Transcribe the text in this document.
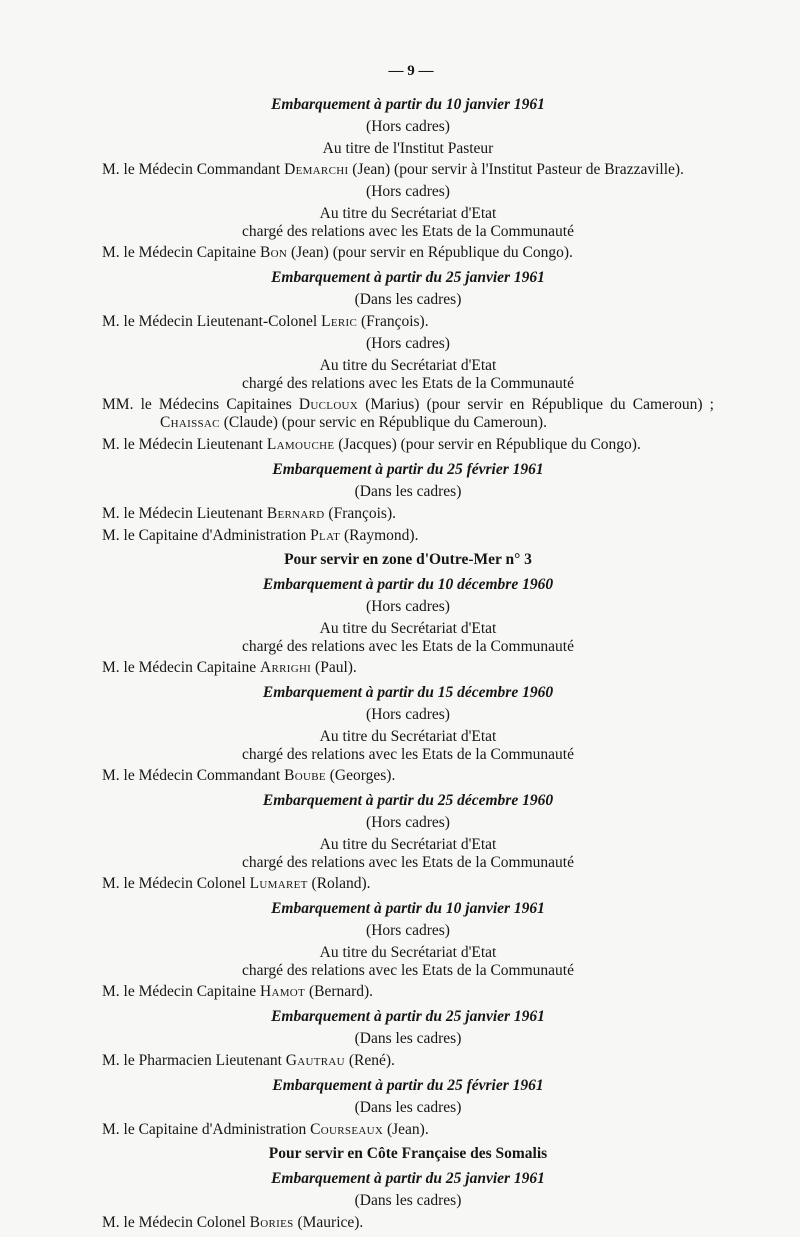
— 9 —
Embarquement à partir du 10 janvier 1961
(Hors cadres)
Au titre de l'Institut Pasteur
M. le Médecin Commandant Demarchi (Jean) (pour servir à l'Institut Pasteur de Brazzaville).
(Hors cadres)
Au titre du Secrétariat d'Etat
chargé des relations avec les Etats de la Communauté
M. le Médecin Capitaine Bon (Jean) (pour servir en République du Congo).
Embarquement à partir du 25 janvier 1961
(Dans les cadres)
M. le Médecin Lieutenant-Colonel Leric (François).
(Hors cadres)
Au titre du Secrétariat d'Etat
chargé des relations avec les Etats de la Communauté
MM. le Médecins Capitaines Ducloux (Marius) (pour servir en République du Cameroun) ; Chaissac (Claude) (pour servic en République du Cameroun).
M. le Médecin Lieutenant Lamouche (Jacques) (pour servir en République du Congo).
Embarquement à partir du 25 février 1961
(Dans les cadres)
M. le Médecin Lieutenant Bernard (François).
M. le Capitaine d'Administration Plat (Raymond).
Pour servir en zone d'Outre-Mer n° 3
Embarquement à partir du 10 décembre 1960
(Hors cadres)
Au titre du Secrétariat d'Etat
chargé des relations avec les Etats de la Communauté
M. le Médecin Capitaine Arrighi (Paul).
Embarquement à partir du 15 décembre 1960
(Hors cadres)
Au titre du Secrétariat d'Etat
chargé des relations avec les Etats de la Communauté
M. le Médecin Commandant Boube (Georges).
Embarquement à partir du 25 décembre 1960
(Hors cadres)
Au titre du Secrétariat d'Etat
chargé des relations avec les Etats de la Communauté
M. le Médecin Colonel Lumaret (Roland).
Embarquement à partir du 10 janvier 1961
(Hors cadres)
Au titre du Secrétariat d'Etat
chargé des relations avec les Etats de la Communauté
M. le Médecin Capitaine Hamot (Bernard).
Embarquement à partir du 25 janvier 1961
(Dans les cadres)
M. le Pharmacien Lieutenant Gautrau (René).
Embarquement à partir du 25 février 1961
(Dans les cadres)
M. le Capitaine d'Administration Courseaux (Jean).
Pour servir en Côte Française des Somalis
Embarquement à partir du 25 janvier 1961
(Dans les cadres)
M. le Médecin Colonel Bories (Maurice).
